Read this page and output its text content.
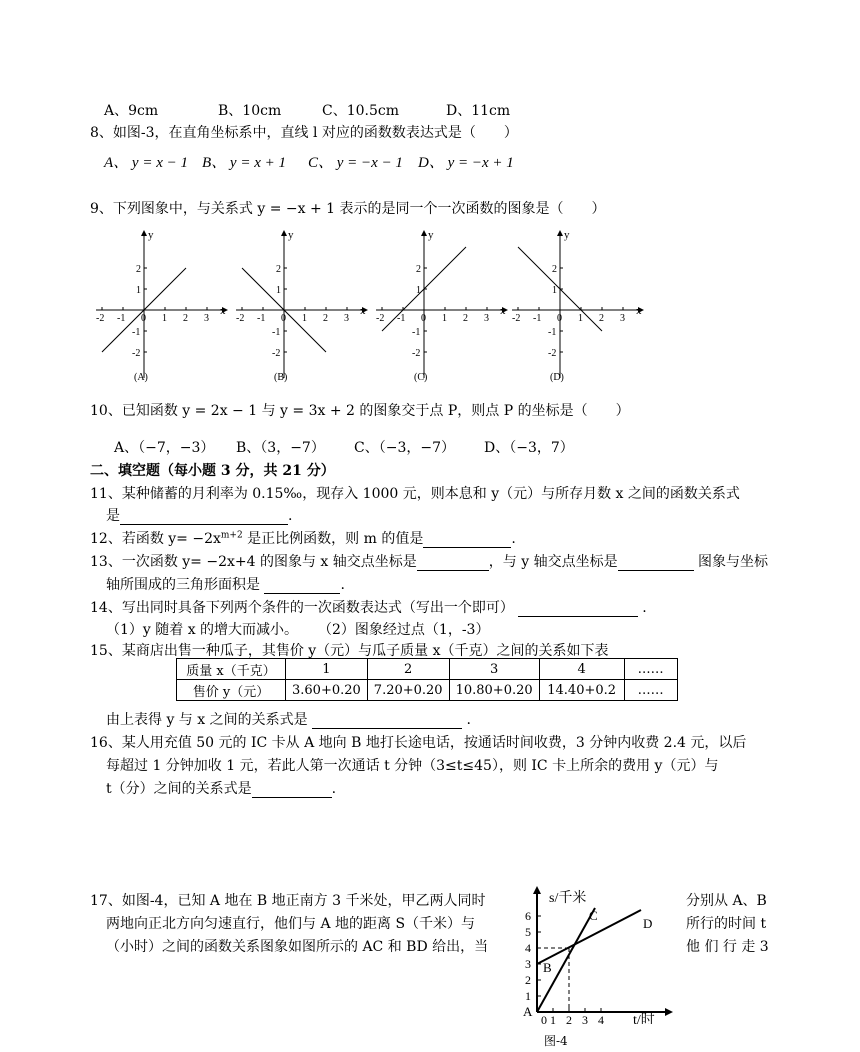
A、9cm	B、10cm	C、10.5cm	D、11cm
8、如图-3，在直角坐标系中，直线 l 对应的函数数表达式是（　　）
A、 y = x − 1 B、 y = x + 1 C、 y = −x − 1 D、 y = −x + 1
9、下列图象中，与关系式 y = −x + 1 表示的是同一个一次函数的图象是（　　）
x
y
-2 -1 0 1 2 3
2
1
-1
-2
(A)
x
y
-2 -1 0 1 2 3
2
1
-1
-2
(B)
x
y
-2 -1 0 1 2 3
2
1
-1
-2
(C)
x
y
-2 -1 0 1 2 3
2
1
-1
-2
(D)
10、已知函数 y = 2x − 1 与 y = 3x + 2 的图象交于点 P，则点 P 的坐标是（　　）
A、（−7，−3） B、（3，−7） C、（−3，−7） D、（−3，7）
二、填空题（每小题 3 分，共 21 分）
11、某种储蓄的月利率为 0.15‰，现存入 1000 元，则本息和 y（元）与所存月数 x 之间的函数关系式
是	.
12、若函数 $y= -2x^{m+2}$ 是正比例函数，则 m 的值是	.
13、一次函数 y= −2x+4 的图象与 x 轴交点坐标是	，与 y 轴交点坐标是	图象与坐标
轴所围成的三角形面积是	.
14、写出同时具备下列两个条件的一次函数表达式（写出一个即可）	.
（1）y 随着 x 的增大而减小。 （2）图象经过点（1，-3）
15、某商店出售一种瓜子，其售价 y（元）与瓜子质量 x（千克）之间的关系如下表
质量 x（千克）	1	2	3	4	……
售价 y（元）	3.60+0.20	7.20+0.20	10.80+0.20	14.40+0.2	……
由上表得 y 与 x 之间的关系式是	.
16、某人用充值 50 元的 IC 卡从 A 地向 B 地打长途电话，按通话时间收费，3 分钟内收费 2.4 元，以后
每超过 1 分钟加收 1 元，若此人第一次通话 t 分钟（3≤t≤45），则 IC 卡上所余的费用 y（元）与
t（分）之间的关系式是	.
17、如图-4，已知 A 地在 B 地正南方 3 千米处，甲乙两人同时	分别从 A、B
两地向正北方向匀速直行，他们与 A 地的距离 S（千米）与	所行的时间 t
（小时）之间的函数关系图象如图所示的 AC 和 BD 给出，当	他 们 行 走 3
1
2
3
4
5
6
0 1 2 3 4
s/千米
t/时
A
B
C
D
图-4
